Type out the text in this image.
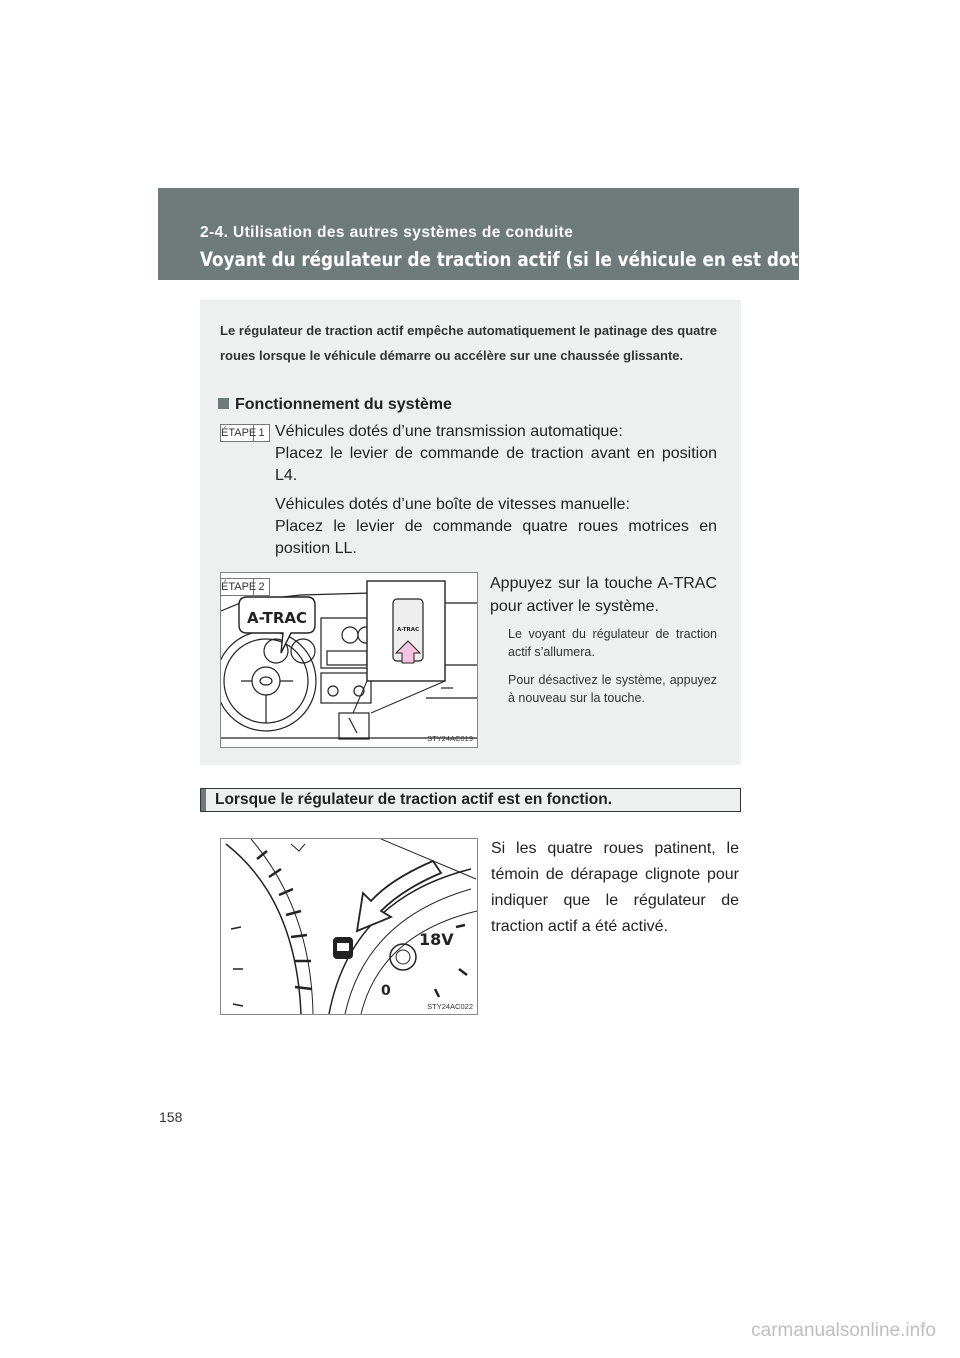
2-4. Utilisation des autres systèmes de conduite
Voyant du régulateur de traction actif (si le véhicule en est doté)
Le régulateur de traction actif empêche automatiquement le patinage des quatre roues lorsque le véhicule démarre ou accélère sur une chaussée glissante.
Fonctionnement du système
ÉTAPE 1 Véhicules dotés d’une transmission automatique:
Placez le levier de commande de traction avant en position L4.
Véhicules dotés d’une boîte de vitesses manuelle:
Placez le levier de commande quatre roues motrices en position LL.
A-TRAC
A-TRAC
STY24AC019
ÉTAPE 2	Appuyez sur la touche A-TRAC pour activer le système.
Le voyant du régulateur de traction actif s’allumera.
Pour désactivez le système, appuyez à nouveau sur la touche.
Lorsque le régulateur de traction actif est en fonction.
18V
0
STY24AC022
Si les quatre roues patinent, le témoin de dérapage clignote pour indiquer que le régulateur de traction actif a été activé.
158
carmanualsonline.info
